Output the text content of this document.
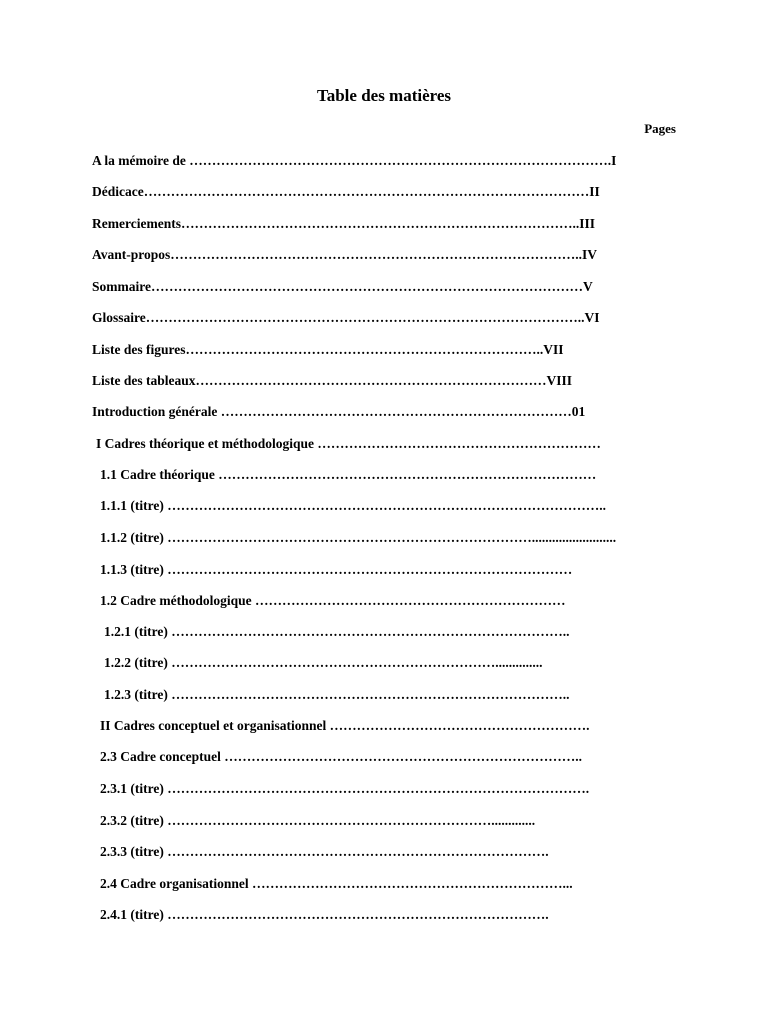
Table des matières
Pages
A la mémoire de ………………………………………………………………………………….I
Dédicace………………………………………………………………………………………II
Remerciements……………………………………………………………………………..III
Avant-propos………………………………………………………………………………..IV
Sommaire……………………………………………………………………………………V
Glossaire……………………………………………………………………………………..VI
Liste des figures……………………………………………………………………..VII
Liste des tableaux……………………………………………………………………VIII
Introduction générale ……………………………………………………………………01
I Cadres théorique et méthodologique ………………………………………………………
1.1 Cadre théorique …………………………………………………………………………
1.1.1 (titre) ……………………………………………………………………………………..
1.1.2 (titre) ……………………………………………………………………….........................
1.1.3 (titre) ………………………………………………………………………………
1.2 Cadre méthodologique ……………………………………………………………
1.2.1 (titre) ……………………………………………………………………………..
1.2.2 (titre) ………………………………………………………………..............
1.2.3 (titre) ……………………………………………………………………………..
II Cadres conceptuel et organisationnel ………………………………………………….
2.3 Cadre conceptuel ……………………………………………………………………..
2.3.1 (titre) ………………………………………………………………………………….
2.3.2 (titre) ……………………………………………………………….............
2.3.3 (titre) ………………………………………………………………………….
2.4 Cadre organisationnel ……………………………………………………………...
2.4.1 (titre) ………………………………………………………………………….
